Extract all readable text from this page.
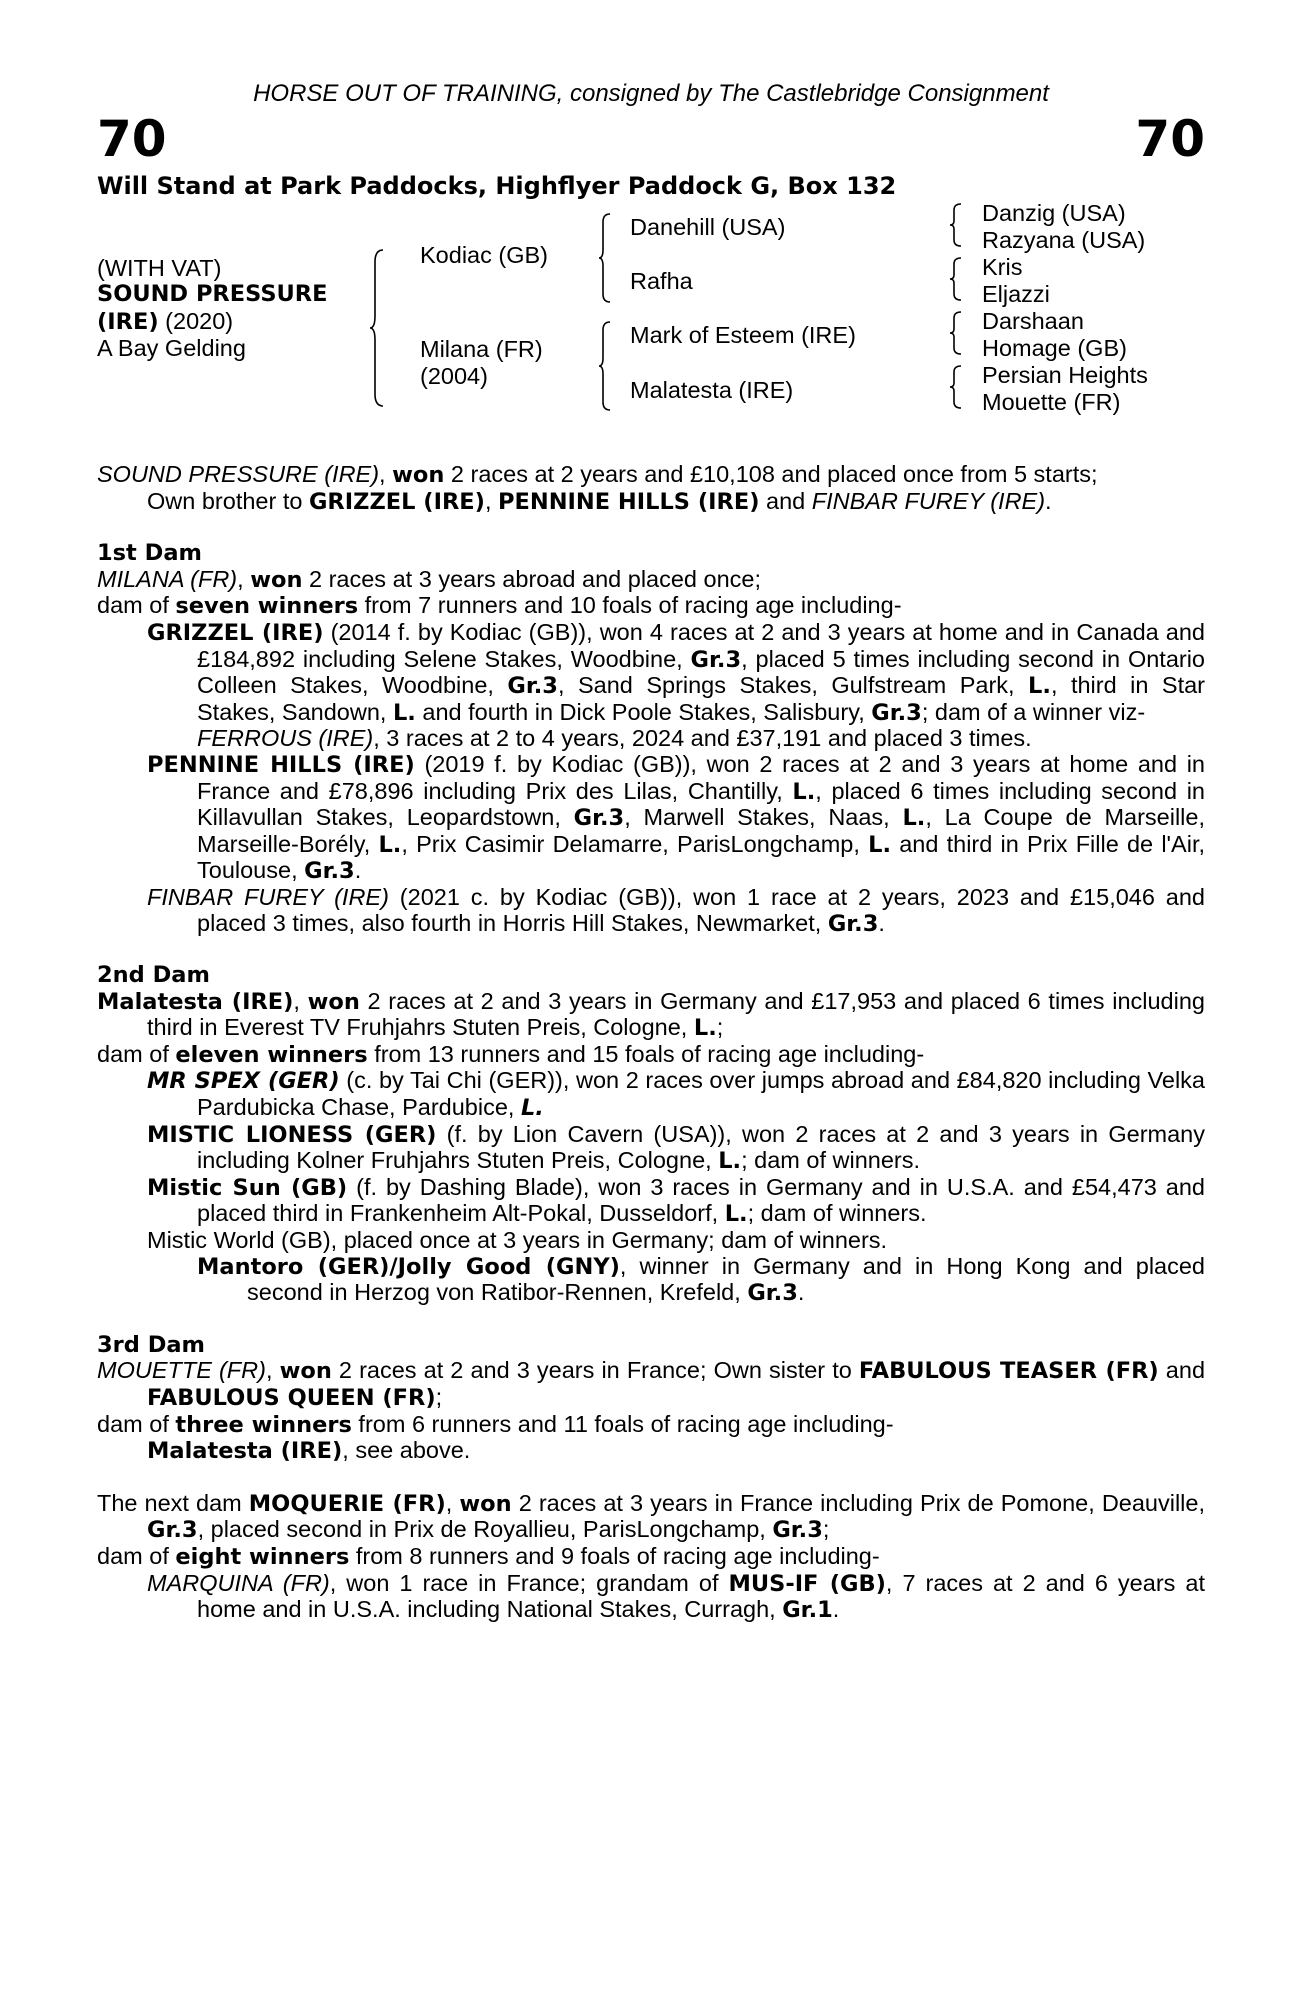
HORSE OUT OF TRAINING, consigned by The Castlebridge Consignment
70	70
Will Stand at Park Paddocks, Highflyer Paddock G, Box 132
(WITH VAT)
SOUND PRESSURE
(IRE) (2020)
A Bay Gelding
Kodiac (GB)
Milana (FR)
(2004)
Danehill (USA)
Rafha
Mark of Esteem (IRE)
Malatesta (IRE)
Danzig (USA)
Razyana (USA)
Kris
Eljazzi
Darshaan
Homage (GB)
Persian Heights
Mouette (FR)

SOUND PRESSURE (IRE), won 2 races at 2 years and £10,108 and placed once from 5 starts;
Own brother to GRIZZEL (IRE), PENNINE HILLS (IRE) and FINBAR FUREY (IRE).

1st Dam

MILANA (FR), won 2 races at 3 years abroad and placed once;

dam of seven winners from 7 runners and 10 foals of racing age including-

GRIZZEL (IRE) (2014 f. by Kodiac (GB)), won 4 races at 2 and 3 years at home and in Canada and £184,892 including Selene Stakes, Woodbine, Gr.3, placed 5 times including second in Ontario Colleen Stakes, Woodbine, Gr.3, Sand Springs Stakes, Gulfstream Park, L., third in Star Stakes, Sandown, L. and fourth in Dick Poole Stakes, Salisbury, Gr.3; dam of a winner viz-

FERROUS (IRE), 3 races at 2 to 4 years, 2024 and £37,191 and placed 3 times.

PENNINE HILLS (IRE) (2019 f. by Kodiac (GB)), won 2 races at 2 and 3 years at home and in France and £78,896 including Prix des Lilas, Chantilly, L., placed 6 times including second in Killavullan Stakes, Leopardstown, Gr.3, Marwell Stakes, Naas, L., La Coupe de Marseille, Marseille-Borély, L., Prix Casimir Delamarre, ParisLongchamp, L. and third in Prix Fille de l'Air, Toulouse, Gr.3.

FINBAR FUREY (IRE) (2021 c. by Kodiac (GB)), won 1 race at 2 years, 2023 and £15,046 and placed 3 times, also fourth in Horris Hill Stakes, Newmarket, Gr.3.

2nd Dam

Malatesta (IRE), won 2 races at 2 and 3 years in Germany and £17,953 and placed 6 times including third in Everest TV Fruhjahrs Stuten Preis, Cologne, L.;

dam of eleven winners from 13 runners and 15 foals of racing age including-

MR SPEX (GER) (c. by Tai Chi (GER)), won 2 races over jumps abroad and £84,820 including Velka Pardubicka Chase, Pardubice, L.

MISTIC LIONESS (GER) (f. by Lion Cavern (USA)), won 2 races at 2 and 3 years in Germany including Kolner Fruhjahrs Stuten Preis, Cologne, L.; dam of winners.

Mistic Sun (GB) (f. by Dashing Blade), won 3 races in Germany and in U.S.A. and £54,473 and placed third in Frankenheim Alt-Pokal, Dusseldorf, L.; dam of winners.

Mistic World (GB), placed once at 3 years in Germany; dam of winners.

Mantoro (GER)/Jolly Good (GNY), winner in Germany and in Hong Kong and placed second in Herzog von Ratibor-Rennen, Krefeld, Gr.3.

3rd Dam

MOUETTE (FR), won 2 races at 2 and 3 years in France; Own sister to FABULOUS TEASER (FR) and FABULOUS QUEEN (FR);

dam of three winners from 6 runners and 11 foals of racing age including-

Malatesta (IRE), see above.

The next dam MOQUERIE (FR), won 2 races at 3 years in France including Prix de Pomone, Deauville, Gr.3, placed second in Prix de Royallieu, ParisLongchamp, Gr.3;

dam of eight winners from 8 runners and 9 foals of racing age including-

MARQUINA (FR), won 1 race in France; grandam of MUS-IF (GB), 7 races at 2 and 6 years at home and in U.S.A. including National Stakes, Curragh, Gr.1.
